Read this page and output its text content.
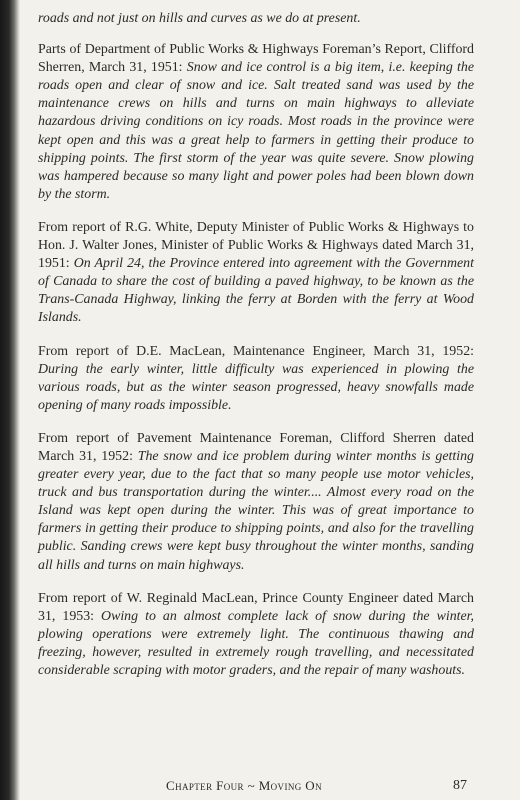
roads and not just on hills and curves as we do at present.

Parts of Department of Public Works & Highways Foreman’s Report, Clifford Sherren, March 31, 1951: Snow and ice control is a big item, i.e. keeping the roads open and clear of snow and ice. Salt treated sand was used by the maintenance crews on hills and turns on main highways to alleviate hazardous driving conditions on icy roads. Most roads in the province were kept open and this was a great help to farmers in getting their produce to shipping points. The first storm of the year was quite severe. Snow plowing was hampered because so many light and power poles had been blown down by the storm.

From report of R.G. White, Deputy Minister of Public Works & Highways to Hon. J. Walter Jones, Minister of Public Works & Highways dated March 31, 1951: On April 24, the Province entered into agreement with the Government of Canada to share the cost of building a paved highway, to be known as the Trans-Canada Highway, linking the ferry at Borden with the ferry at Wood Islands.

From report of D.E. MacLean, Maintenance Engineer, March 31, 1952: During the early winter, little difficulty was experienced in plowing the various roads, but as the winter season progressed, heavy snowfalls made opening of many roads impossible.

From report of Pavement Maintenance Foreman, Clifford Sherren dated March 31, 1952: The snow and ice problem during winter months is getting greater every year, due to the fact that so many people use motor vehicles, truck and bus transportation during the winter.... Almost every road on the Island was kept open during the winter. This was of great importance to farmers in getting their produce to shipping points, and also for the travelling public. Sanding crews were kept busy throughout the winter months, sanding all hills and turns on main highways.

From report of W. Reginald MacLean, Prince County Engineer dated March 31, 1953: Owing to an almost complete lack of snow during the winter, plowing operations were extremely light. The continuous thawing and freezing, however, resulted in extremely rough travelling, and necessitated considerable scraping with motor graders, and the repair of many washouts.

Chapter Four ~ Moving On	87
